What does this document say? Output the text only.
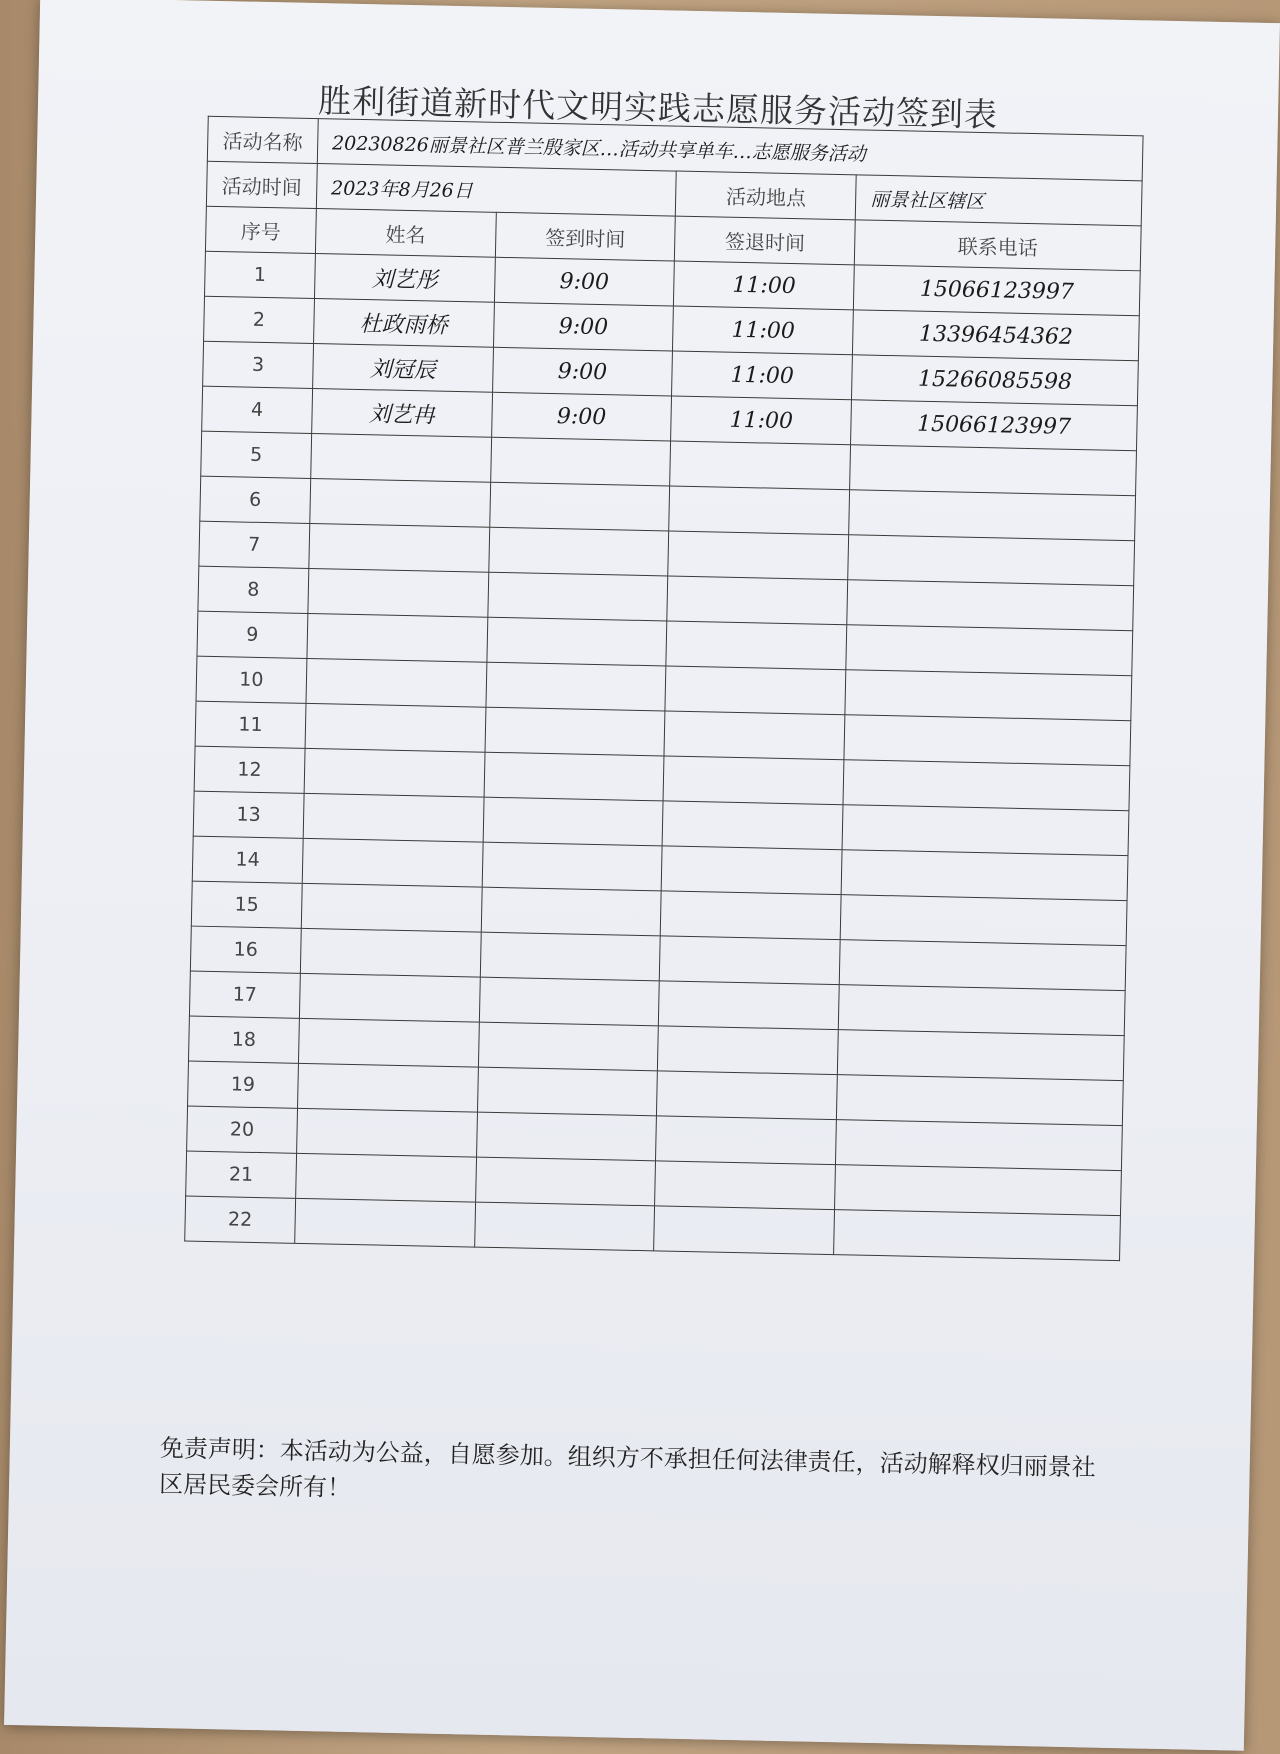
胜利街道新时代文明实践志愿服务活动签到表
活动名称	20230826丽景社区普兰殷家区…活动共享单车…志愿服务活动			
活动时间	2023年8月26日		活动地点	丽景社区辖区
序号	姓名	签到时间	签退时间	联系电话
1	刘艺彤	9:00	11:00	15066123997
2	杜政雨桥	9:00	11:00	13396454362
3	刘冠辰	9:00	11:00	15266085598
4	刘艺冉	9:00	11:00	15066123997
5				
6				
7				
8				
9				
10				
11				
12				
13				
14				
15				
16				
17				
18				
19				
20				
21				
22				
免责声明：本活动为公益，自愿参加。组织方不承担任何法律责任，活动解释权归丽景社区居民委会所有！
